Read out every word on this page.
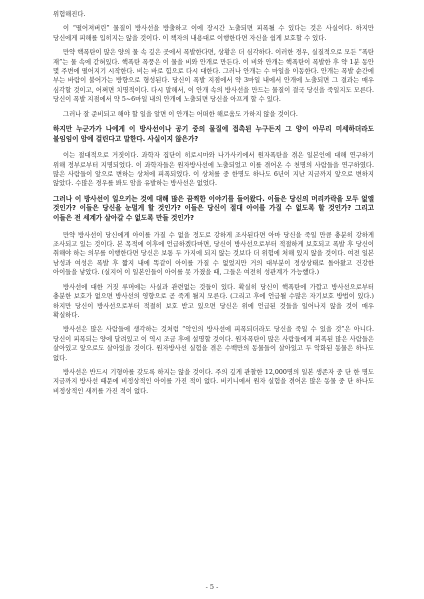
위험해진다.

이 “떨어져버린” 물질이 방사선을 방출하고 이에 장시간 노출되면 피폭될 수 있다는 것은 사실이다. 하지만 당신에게 피해를 입히지는 않을 것이다. 이 책자의 내용대로 이행한다면 자신을 쉽게 보호할 수 있다.

만약 핵폭탄이 많은 양의 물 속 깊은 곳에서 폭발한다면, 상황은 더 심각하다. 이러한 경우, 실질적으로 모든 “폭탄 재”는 물 속에 갇혀있다. 핵폭탄 폭풍은 이 물을 비와 안개로 만든다. 이 비와 안개는 핵폭탄이 폭발한 후 약 1분 동안 몇 주변에 떨어지기 시작한다. 비는 바로 힘으로 다시 대한다. 그러나 안개는 수 마일을 이동한다. 안개는 폭발 순간에 부는 바람이 불어가는 방향으로 형성된다. 당신이 폭발 지점에서 약 3마일 내에서 안개에 노출되면 그 결과는 매우 심각할 것이고, 어쩌면 치명적이다. 다시 말해서, 이 안개 속의 방사선을 만드는 물질이 결국 당신을 죽일지도 모른다. 당신이 폭발 지점에서 약 5~6마일 내의 안개에 노출되면 당신을 아프게 할 수 있다.

그러나 잘 준비되고 해야 할 일을 알면 이 안개는 어떠한 해로움도 가하지 않을 것이다.

하지만 누군가가 나에게 이 방사선이나 공기 중의 물질에 접촉된 누구든지 그 양이 아무리 미세하더라도 불임임이 암에 걸린다고 말한다. 사실이지 않은가?

이는 절대적으로 거짓이다. 과학자 집단이 히로시마와 나가사키에서 원자폭탄을 겪은 일본인에 대해 연구하기 위해 정부로부터 지명되었다. 이 과학자들은 원자방사선에 노출되었고 이를 겪어온 수 천명의 사람들을 연구하였다. 많은 사람들이 앞으로 변하는 상처에 피폭되었다. 이 상처를 중 한명도 하나도 6년이 지난 지금까지 앞으로 변하지 않았다. 수많은 경우를 봐도 암을 유발하는 방사선은 없었다.

그러나 이 방사선이 일으키는 것에 대해 많은 끔찍한 이야기를 들어왔다. 이들은 당신의 머리카락을 모두 없앨 것인가? 이들은 당신을 눈멀게 할 것인가? 이들은 당신이 절대 아이를 가질 수 없도록 할 것인가? 그리고 이들은 전 세계가 살아갈 수 없도록 만들 것인가?

만약 방사선이 당신에게 아이를 가질 수 없을 정도로 강하게 조사된다면 아마 당신을 죽일 만큼 충분히 강하게 조사되고 있는 것이다. 본 목적에 이후에 언급하겠다마면, 당신이 방사선으로부터 적절하게 보호되고 폭발 후 당신이 취해야 하는 의무를 이행한다면 당신은 보통 두 가지에 되지 않는 것보다 더 위험에 처해 있지 않을 것이다. 여전 일본 남성과 여성은 폭발 후 짧지 내에 똑같이 아이를 가질 수 없었지만 거의 대부분이 정상상태로 돌아왔고 건강한 아이들을 낳았다. (실지어 이 일본인들이 아이를 못 가졌을 때, 그들은 여전히 성관계가 가능했다.)

방사선에 대한 거짓 루머에는 사실과 관련없는 것들이 있다. 확실히 당신이 핵폭탄에 가깝고 방사선으로부터 충분한 보호가 없으면 방사선의 영향으로 곧 죽게 될지 모른다. (그리고 후에 언급될 수많은 자기보호 방법이 있다.) 하지만 당신이 방사선으로부터 적절히 보호 받고 있으면 당신은 위에 언급된 것들을 일어나지 않을 것이 매우 확실하다.

방사선은 많은 사람들에 생각하는 것처럼 “악인의 방사선에 피폭되더라도 당신을 죽일 수 있을 것”은 아니다. 당신이 피폭되는 양에 달려있고 이 역시 조금 후에 설명할 것이다. 원자폭탄이 많은 사람들에게 피폭된 많은 사람들은 살아있고 앞으로도 살아있을 것이다. 원자방사선 실험을 겪은 수백만의 동물들이 살아있고 두 악화된 동물은 하나도 없다.

방사선은 반드시 기형아를 갖도록 하지는 않을 것이다. 주의 깊게 관찰한 12,000명의 일본 생존자 중 단 한 명도 지금까지 방사선 때문에 비정상적인 아이를 가진 적이 없다. 비키니에서 원자 실험을 겪어온 많은 동물 중 단 하나도 비정상적인 새끼를 가진 적이 없다.

- 5 -
